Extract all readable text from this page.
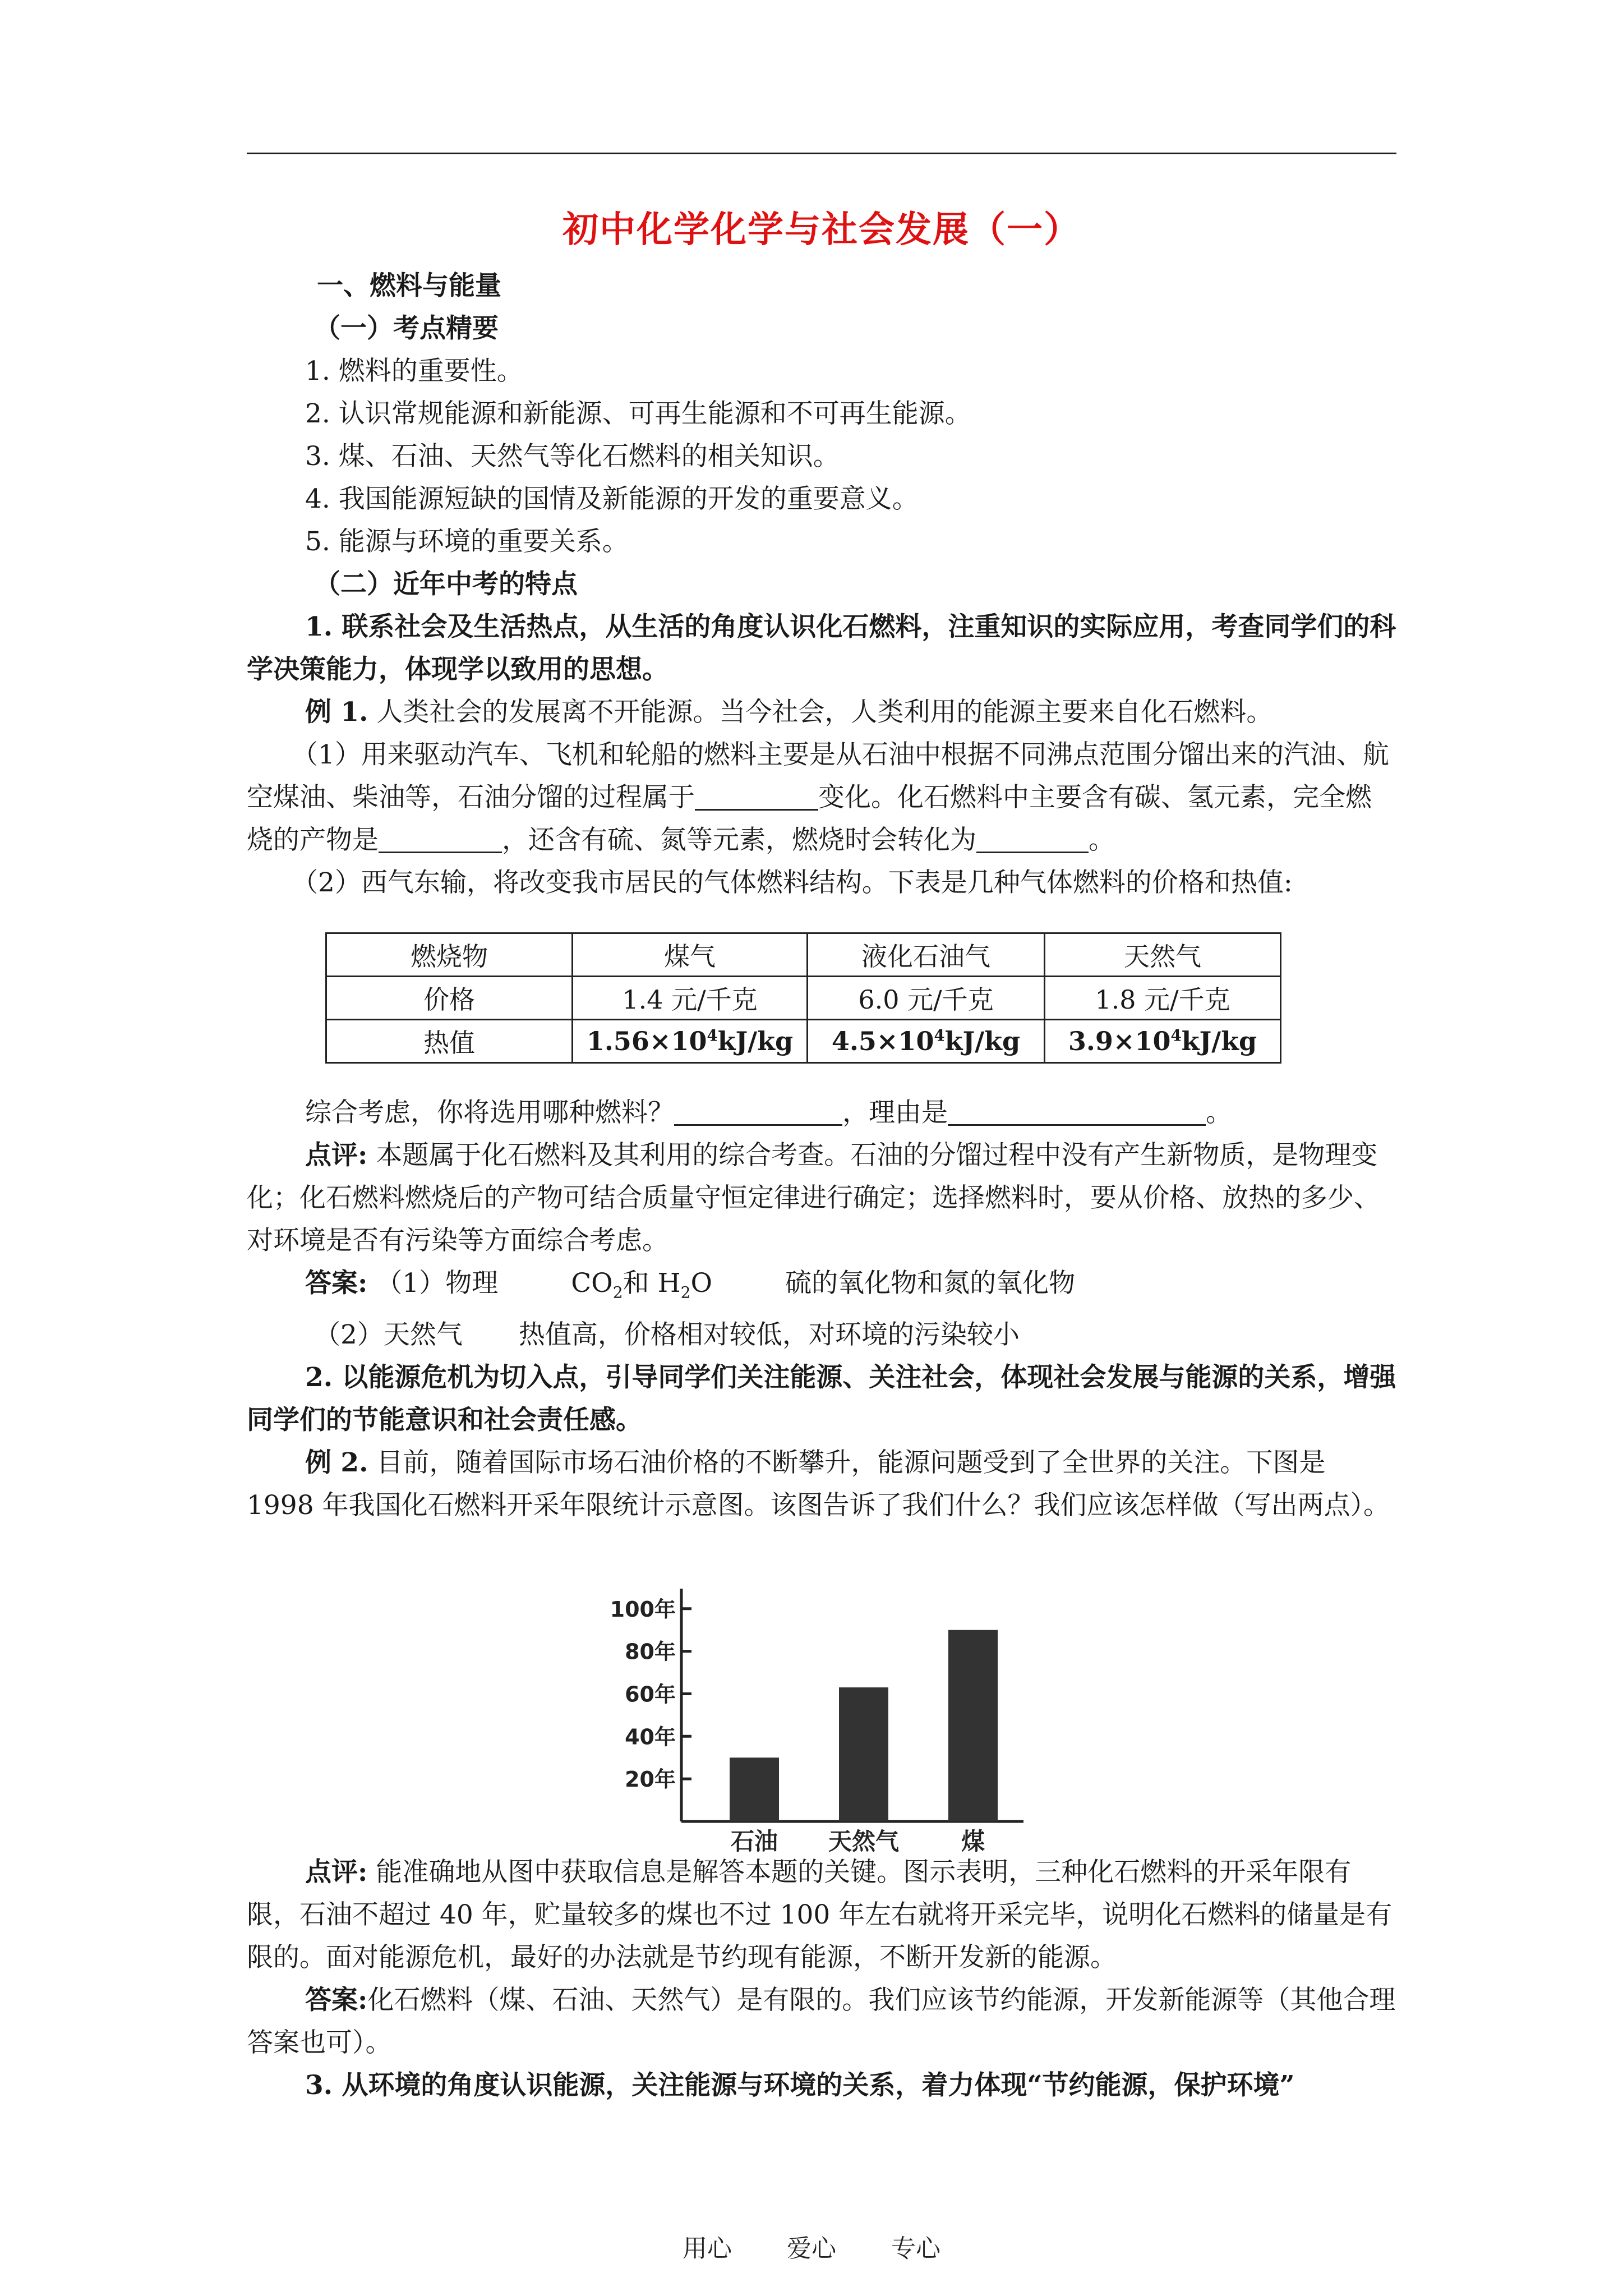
初中化学化学与社会发展（一）

一、燃料与能量

（一）考点精要

1. 燃料的重要性。

2. 认识常规能源和新能源、可再生能源和不可再生能源。

3. 煤、石油、天然气等化石燃料的相关知识。

4. 我国能源短缺的国情及新能源的开发的重要意义。

5. 能源与环境的重要关系。

（二）近年中考的特点

1. 联系社会及生活热点，从生活的角度认识化石燃料，注重知识的实际应用，考查同学们的科学决策能力，体现学以致用的思想。

例 1. 人类社会的发展离不开能源。当今社会，人类利用的能源主要来自化石燃料。

（1）用来驱动汽车、飞机和轮船的燃料主要是从石油中根据不同沸点范围分馏出来的汽油、航空煤油、柴油等，石油分馏的过程属于	变化。化石燃料中主要含有碳、氢元素，完全燃烧的产物是	，还含有硫、氮等元素，燃烧时会转化为	。

（2）西气东输，将改变我市居民的气体燃料结构。下表是几种气体燃料的价格和热值:

燃烧物	煤气	液化石油气	天然气
价格	1.4 元/千克	6.0 元/千克	1.8 元/千克
热值	$1.56\times 10^4kJ/kg$	$4.5\times 10^4kJ/kg$	$3.9\times 10^4kJ/kg$

综合考虑，你将选用哪种燃料？	，理由是	。

点评: 本题属于化石燃料及其利用的综合考查。石油的分馏过程中没有产生新物质，是物理变化；化石燃料燃烧后的产物可结合质量守恒定律进行确定；选择燃料时，要从价格、放热的多少、对环境是否有污染等方面综合考虑。

答案: （1）物理	$CO_2$和 $H_2O$	硫的氧化物和氮的氧化物

（2）天然气 热值高，价格相对较低，对环境的污染较小

2. 以能源危机为切入点，引导同学们关注能源、关注社会，体现社会发展与能源的关系，增强同学们的节能意识和社会责任感。

例 2. 目前，随着国际市场石油价格的不断攀升，能源问题受到了全世界的关注。下图是 1998 年我国化石燃料开采年限统计示意图。该图告诉了我们什么？我们应该怎样做（写出两点）。

20年
40年
60年
80年
100年
石油 天然气	煤

点评: 能准确地从图中获取信息是解答本题的关键。图示表明，三种化石燃料的开采年限有限，石油不超过 40 年，贮量较多的煤也不过 100 年左右就将开采完毕，说明化石燃料的储量是有限的。面对能源危机，最好的办法就是节约现有能源，不断开发新的能源。

答案:化石燃料（煤、石油、天然气）是有限的。我们应该节约能源，开发新能源等（其他合理答案也可）。

3. 从环境的角度认识能源，关注能源与环境的关系，着力体现“节约能源，保护环境”

用心 爱心 专心
